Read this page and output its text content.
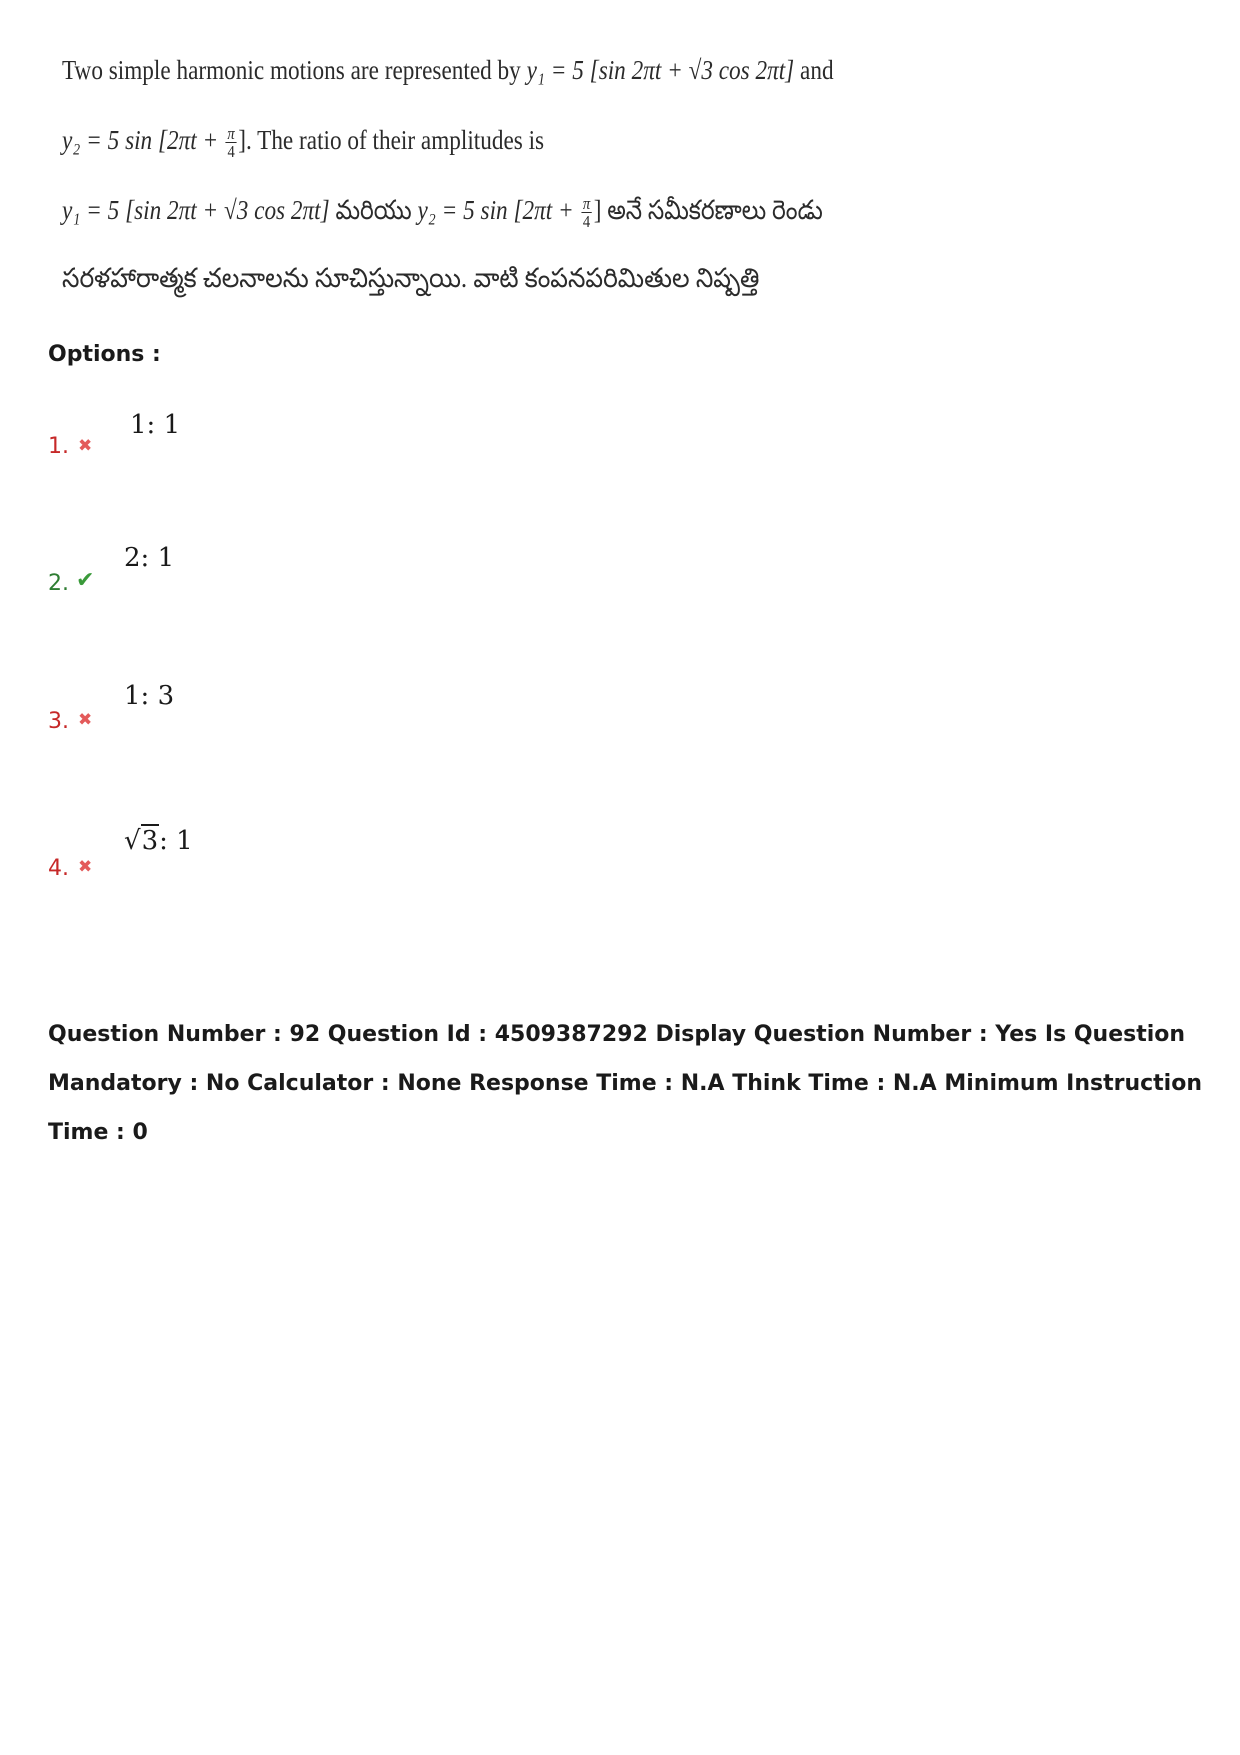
Two simple harmonic motions are represented by y₁ = 5 [sin 2πt + √3 cos 2πt] and
y₂ = 5 $\sin [2\pi t + \frac{\pi}{4}$ ]. The ratio of their amplitudes is
y₁ = 5 [sin 2πt + √3 cos 2πt] మరియు y₂ = 5 $\sin [2\pi t + \frac{\pi}{4}$ ] అనే సమీకరణాలు రెండు
సరళహారాత్మక చలనాలను సూచిస్తున్నాయి. వాటి కంపనపరిమితుల నిష్పత్తి
Options :
1. ✖
1: 1
2. ✔
2: 1
3. ✖
1: 3
4. ✖
√3: 1
Question Number : 92 Question Id : 4509387292 Display Question Number : Yes Is Question Mandatory : No Calculator : None Response Time : N.A Think Time : N.A Minimum Instruction Time : 0
